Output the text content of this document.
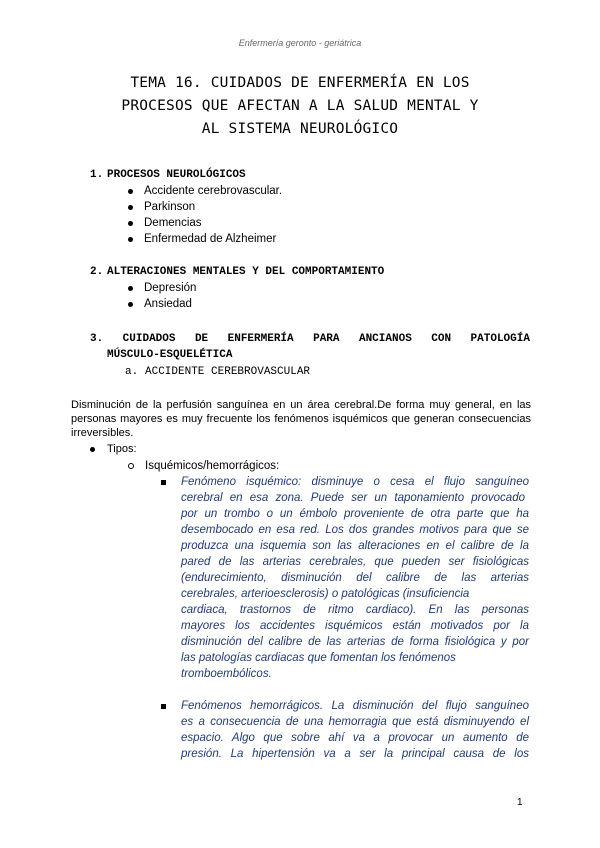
Enfermería geronto - geriátrica
TEMA 16. CUIDADOS DE ENFERMERÍA EN LOS
PROCESOS QUE AFECTAN A LA SALUD MENTAL Y
AL SISTEMA NEUROLÓGICO
1. PROCESOS NEUROLÓGICOS
Accidente cerebrovascular.
Parkinson
Demencias
Enfermedad de Alzheimer
2. ALTERACIONES MENTALES Y DEL COMPORTAMIENTO
Depresión
Ansiedad
3. CUIDADOS DE ENFERMERÍA PARA ANCIANOS CON PATOLOGÍA
MÚSCULO-ESQUELÉTICA
a. ACCIDENTE CEREBROVASCULAR
Disminución de la perfusión sanguínea en un área cerebral.De forma muy general, en las personas mayores es muy frecuente los fenómenos isquémicos que generan consecuencias irreversibles.
Tipos:
Isquémicos/hemorrágicos:
Fenómeno isquémico: disminuye o cesa el flujo sanguíneo
cerebral en esa zona. Puede ser un taponamiento provocado
por un trombo o un émbolo proveniente de otra parte que ha
desembocado en esa red. Los dos grandes motivos para que se
produzca una isquemia son las alteraciones en el calibre de la
pared de las arterias cerebrales, que pueden ser fisiológicas
(endurecimiento, disminución del calibre de las arterias
cerebrales, arterioesclerosis) o patológicas (insuficiencia
cardiaca, trastornos de ritmo cardiaco). En las personas
mayores los accidentes isquémicos están motivados por la
disminución del calibre de las arterias de forma fisiológica y por
las patologías cardiacas que fomentan los fenómenos
tromboembólicos.
Fenómenos hemorrágicos. La disminución del flujo sanguíneo
es a consecuencia de una hemorragia que está disminuyendo el
espacio. Algo que sobre ahí va a provocar un aumento de
presión. La hipertensión va a ser la principal causa de los
1
